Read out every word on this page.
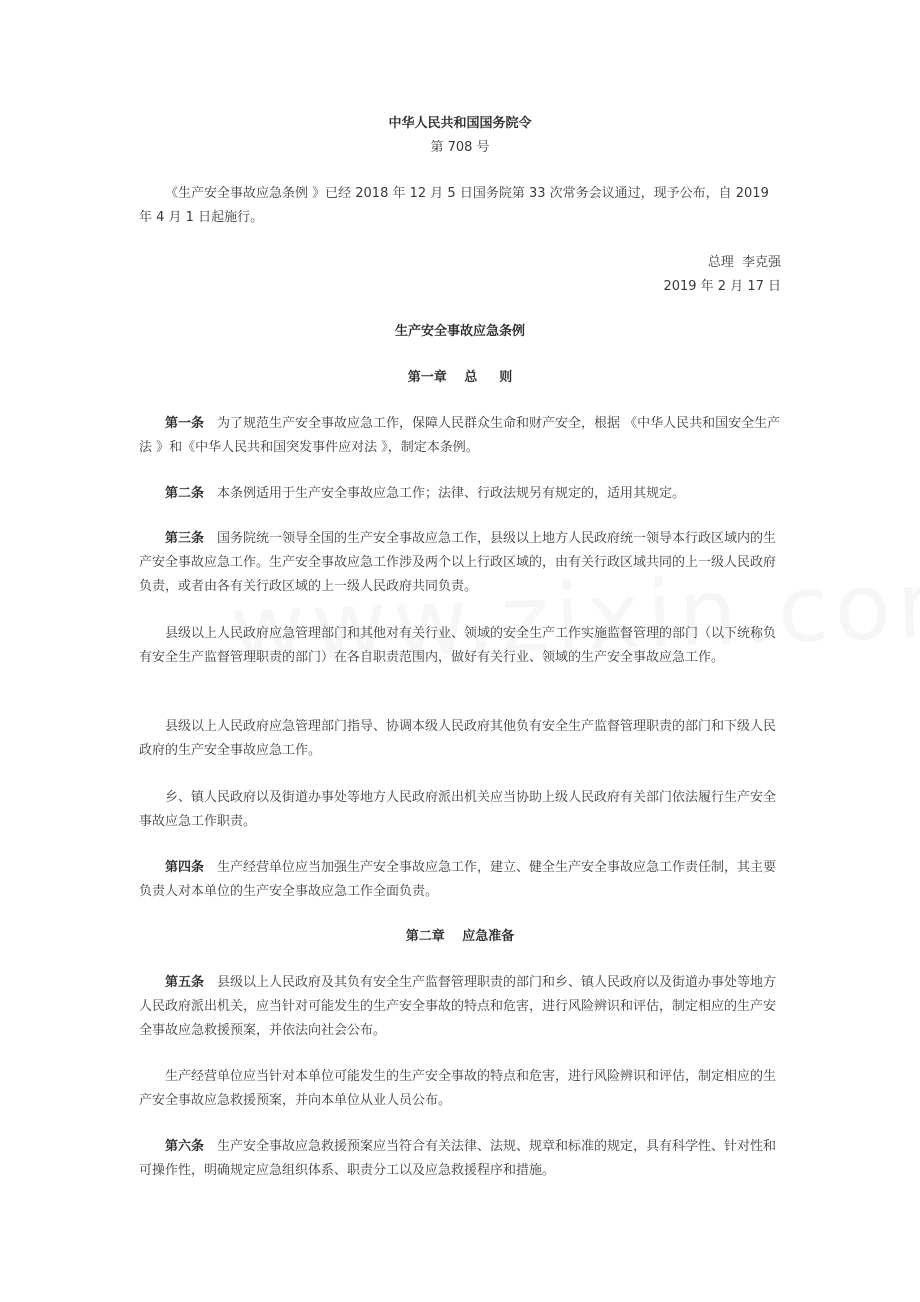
中华人民共和国国务院令
第 708 号

《生产安全事故应急条例 》已经 2018 年 12 月 5 日国务院第 33 次常务会议通过，现予公布，自 2019 年 4 月 1 日起施行。

总理  李克强
2019 年 2 月 17 日
生产安全事故应急条例
第一章　 总　  则

第一条 为了规范生产安全事故应急工作，保障人民群众生命和财产安全，根据 《中华人民共和国安全生产法 》和《中华人民共和国突发事件应对法 》，制定本条例。

第二条 本条例适用于生产安全事故应急工作；法律、行政法规另有规定的，适用其规定。

第三条 国务院统一领导全国的生产安全事故应急工作，县级以上地方人民政府统一领导本行政区域内的生产安全事故应急工作。生产安全事故应急工作涉及两个以上行政区域的，由有关行政区域共同的上一级人民政府负责，或者由各有关行政区域的上一级人民政府共同负责。

县级以上人民政府应急管理部门和其他对有关行业、领域的安全生产工作实施监督管理的部门（以下统称负有安全生产监督管理职责的部门）在各自职责范围内，做好有关行业、领域的生产安全事故应急工作。

县级以上人民政府应急管理部门指导、协调本级人民政府其他负有安全生产监督管理职责的部门和下级人民政府的生产安全事故应急工作。

乡、镇人民政府以及街道办事处等地方人民政府派出机关应当协助上级人民政府有关部门依法履行生产安全事故应急工作职责。

第四条 生产经营单位应当加强生产安全事故应急工作，建立、健全生产安全事故应急工作责任制，其主要负责人对本单位的生产安全事故应急工作全面负责。

第二章　 应急准备

第五条 县级以上人民政府及其负有安全生产监督管理职责的部门和乡、镇人民政府以及街道办事处等地方人民政府派出机关，应当针对可能发生的生产安全事故的特点和危害，进行风险辨识和评估，制定相应的生产安全事故应急救援预案，并依法向社会公布。

生产经营单位应当针对本单位可能发生的生产安全事故的特点和危害，进行风险辨识和评估，制定相应的生产安全事故应急救援预案，并向本单位从业人员公布。

第六条 生产安全事故应急救援预案应当符合有关法律、法规、规章和标准的规定，具有科学性、针对性和可操作性，明确规定应急组织体系、职责分工以及应急救援程序和措施。
